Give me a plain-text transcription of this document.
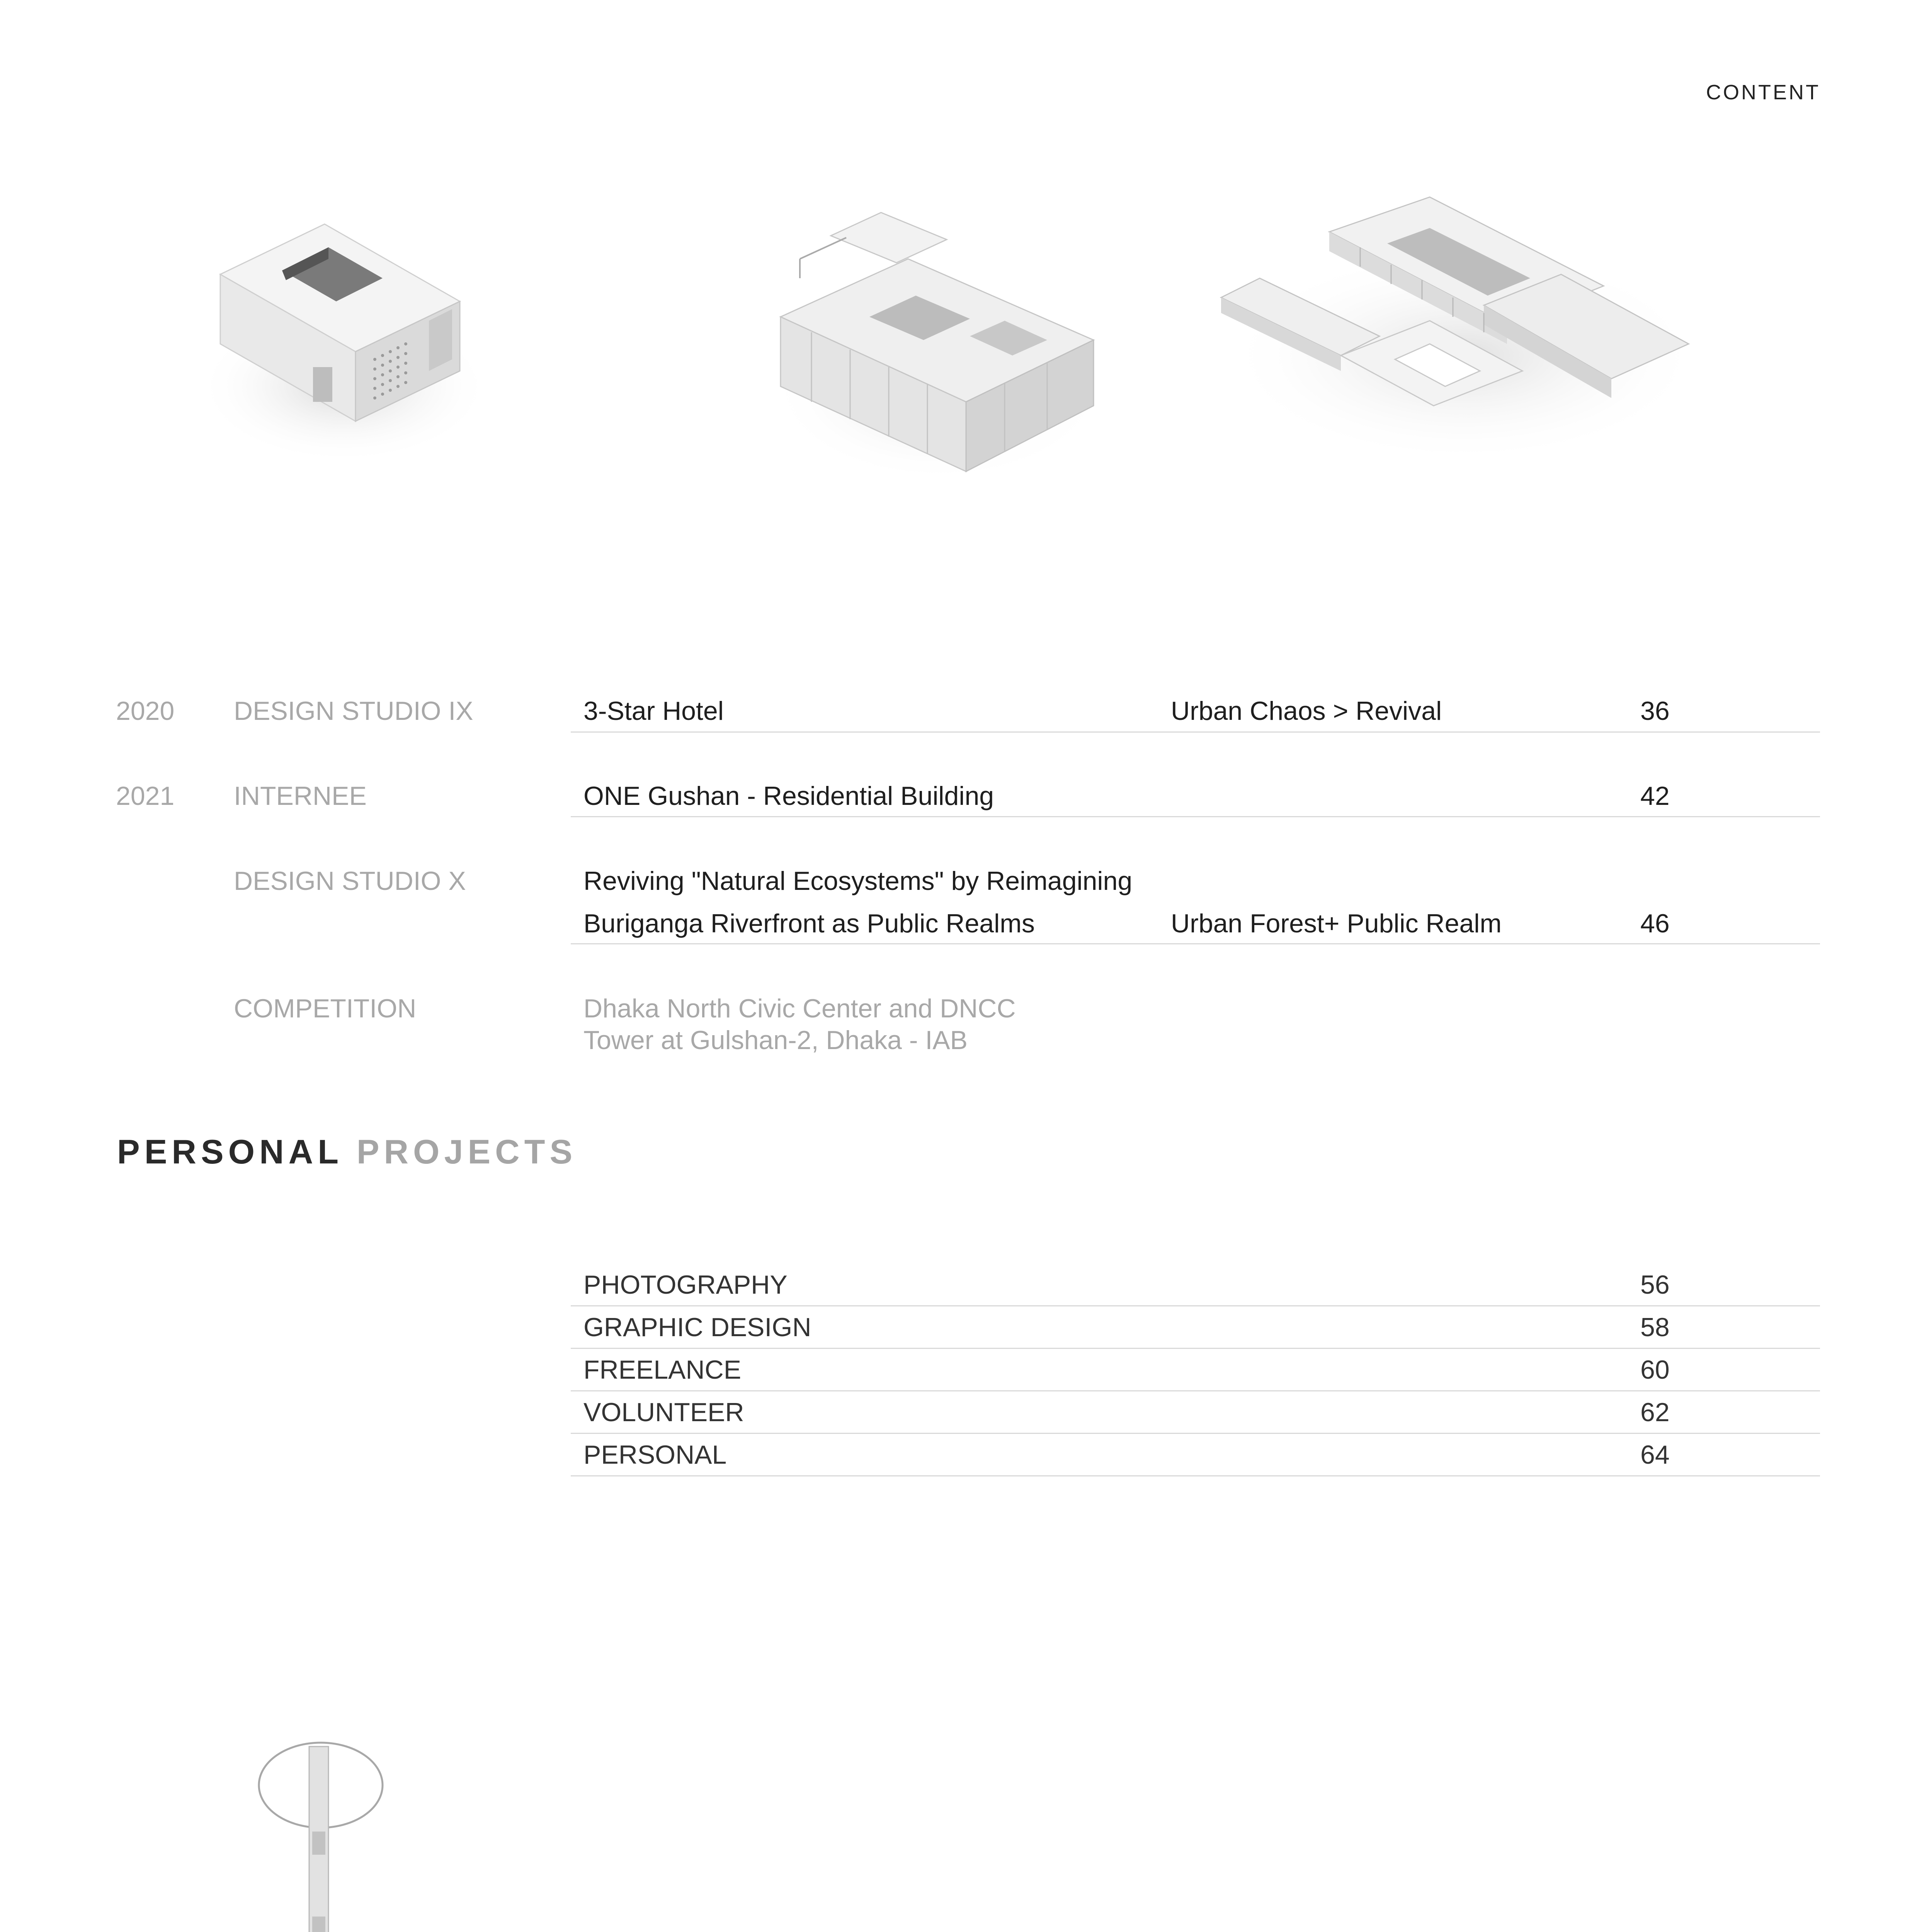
CONTENT
2020 DESIGN STUDIO IX	3-Star Hotel	Urban Chaos > Revival	36
2021 INTERNEE	ONE Gushan - Residential Building	42
DESIGN STUDIO X	Reviving "Natural Ecosystems" by Reimagining
Buriganga Riverfront as Public Realms	Urban Forest+ Public Realm	46
COMPETITION	Dhaka North Civic Center and DNCC
Tower at Gulshan-2, Dhaka - IAB
PERSONAL PROJECTS
PHOTOGRAPHY	56
GRAPHIC DESIGN	58
FREELANCE	60
VOLUNTEER	62
PERSONAL	64
